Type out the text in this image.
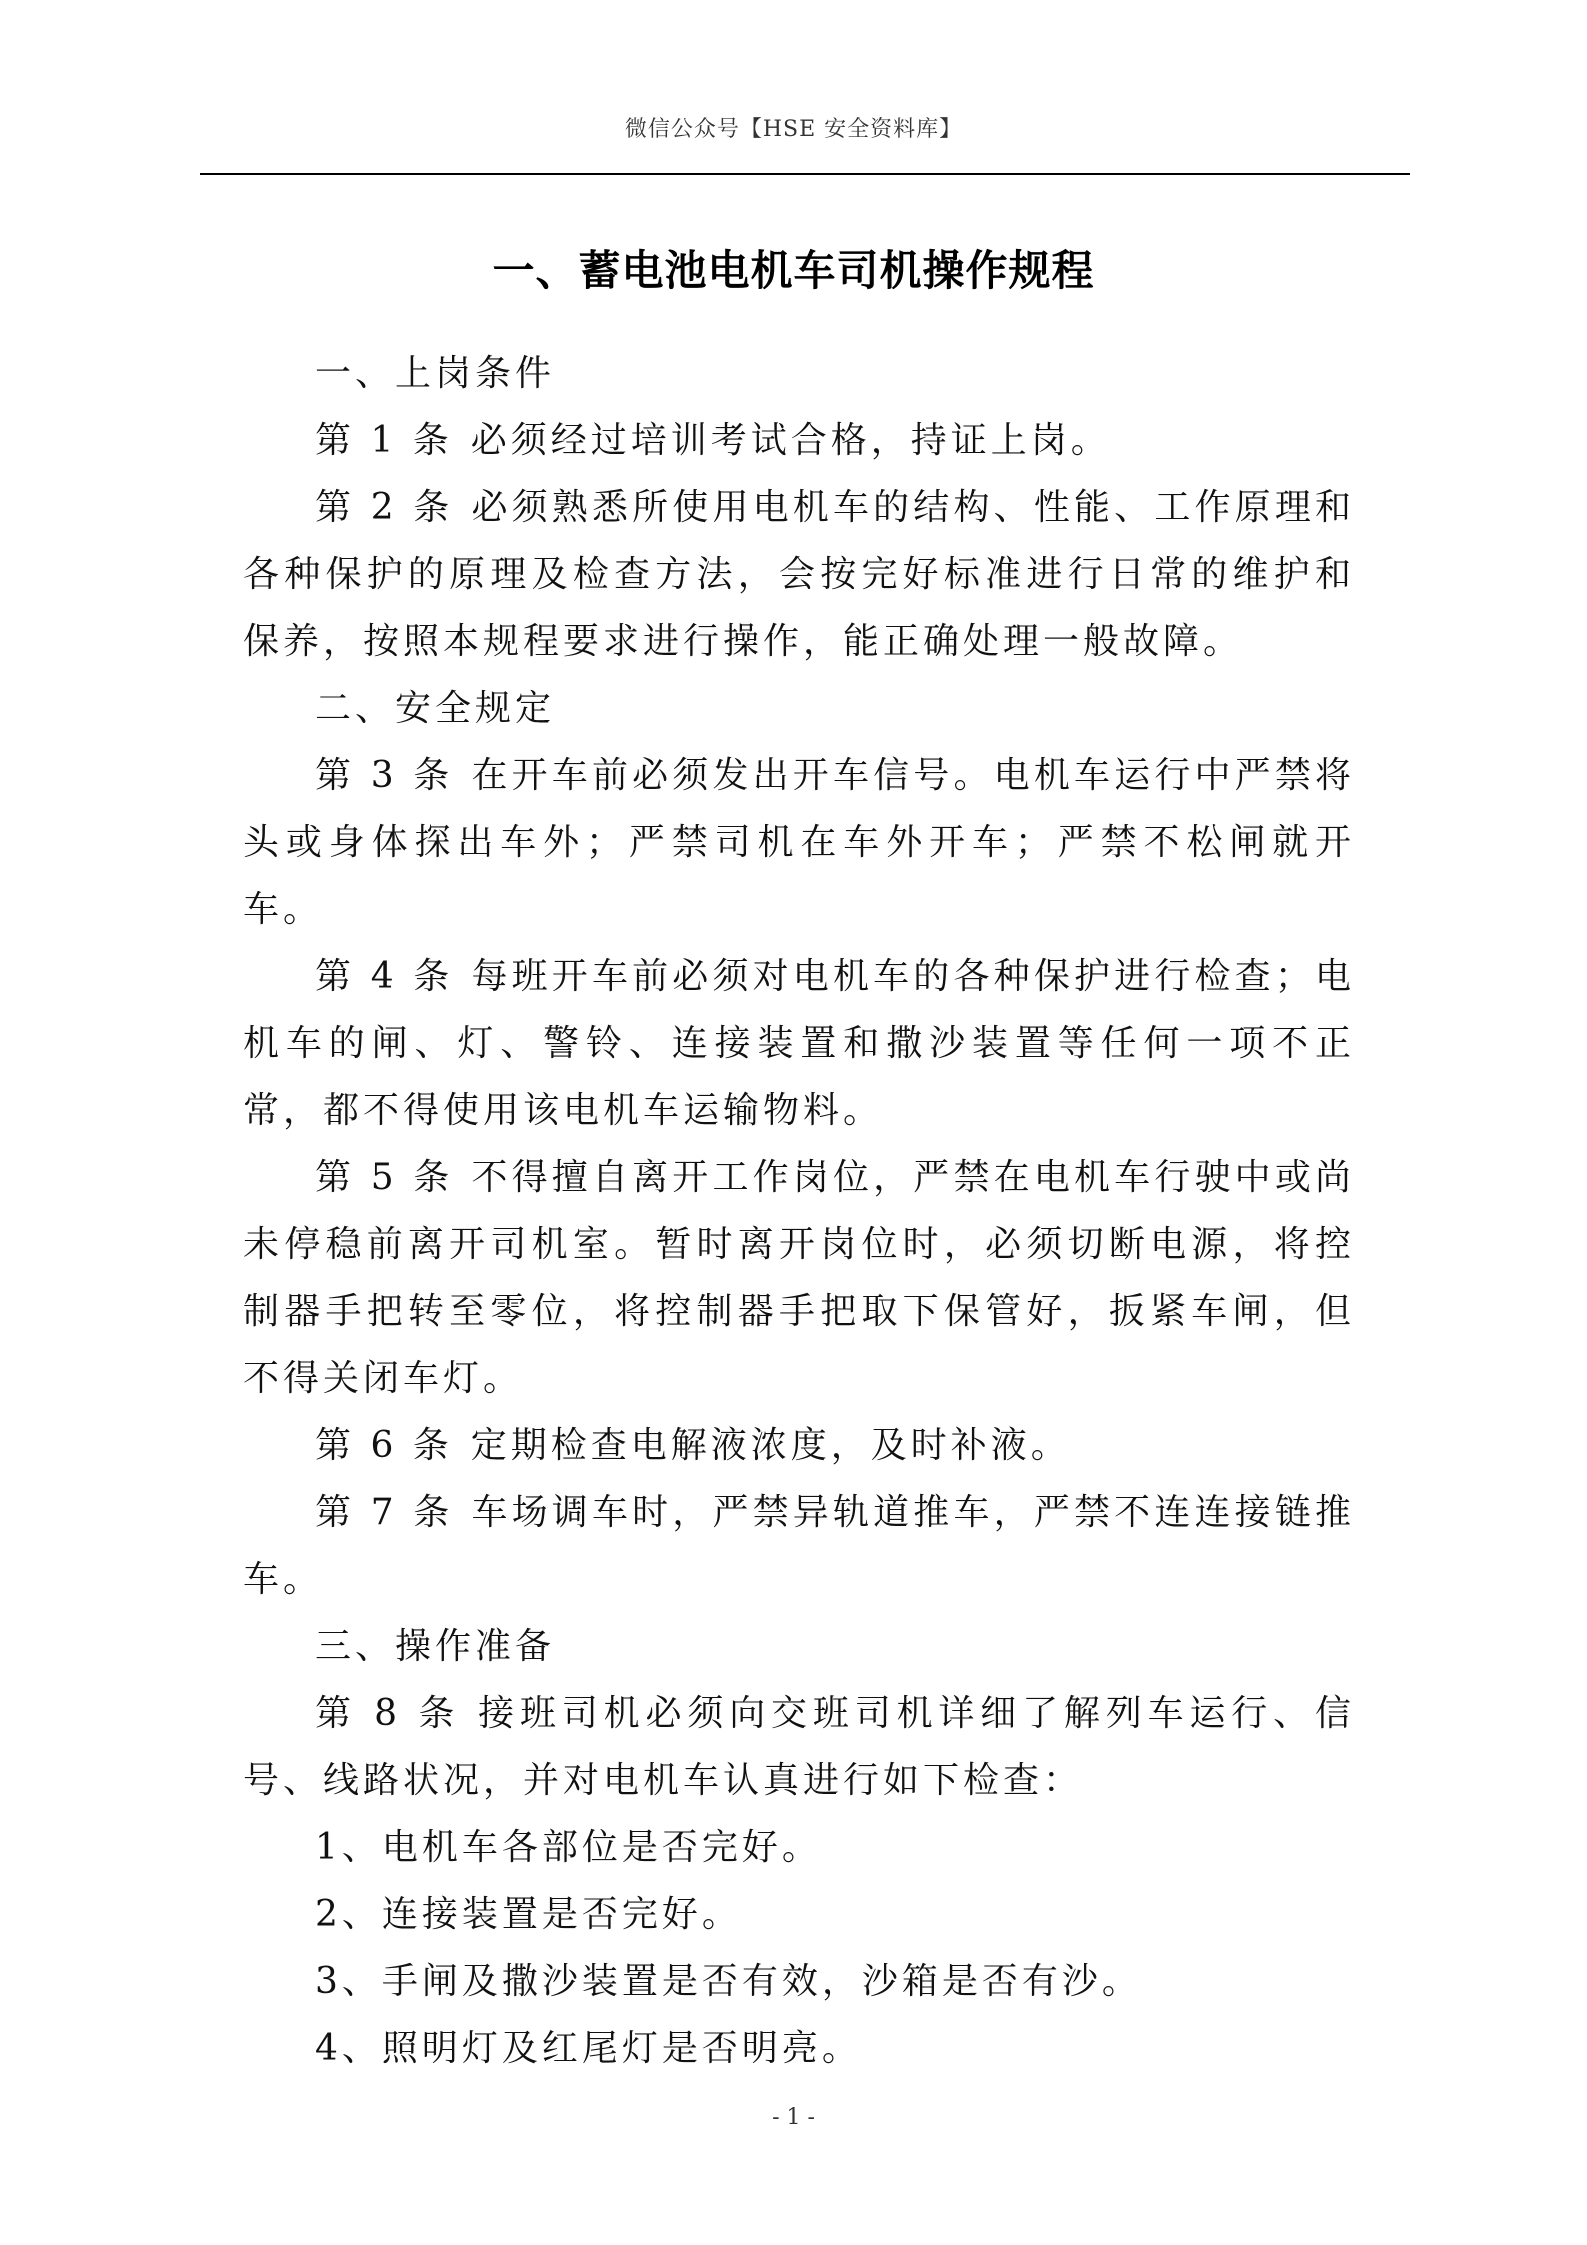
微信公众号【HSE 安全资料库】
一、蓄电池电机车司机操作规程

一、上岗条件

第 1 条 必须经过培训考试合格，持证上岗。

第 2 条 必须熟悉所使用电机车的结构、性能、工作原理和各种保护的原理及检查方法，会按完好标准进行日常的维护和保养，按照本规程要求进行操作，能正确处理一般故障。

二、安全规定

第 3 条 在开车前必须发出开车信号。电机车运行中严禁将头或身体探出车外；严禁司机在车外开车；严禁不松闸就开车。

第 4 条 每班开车前必须对电机车的各种保护进行检查；电机车的闸、灯、警铃、连接装置和撒沙装置等任何一项不正常，都不得使用该电机车运输物料。

第 5 条 不得擅自离开工作岗位，严禁在电机车行驶中或尚未停稳前离开司机室。暂时离开岗位时，必须切断电源，将控制器手把转至零位，将控制器手把取下保管好，扳紧车闸，但不得关闭车灯。

第 6 条 定期检查电解液浓度，及时补液。

第 7 条 车场调车时，严禁异轨道推车，严禁不连连接链推车。

三、操作准备

第 8 条 接班司机必须向交班司机详细了解列车运行、信号、线路状况，并对电机车认真进行如下检查：

1、电机车各部位是否完好。

2、连接装置是否完好。

3、手闸及撒沙装置是否有效，沙箱是否有沙。

4、照明灯及红尾灯是否明亮。

- 1 -
